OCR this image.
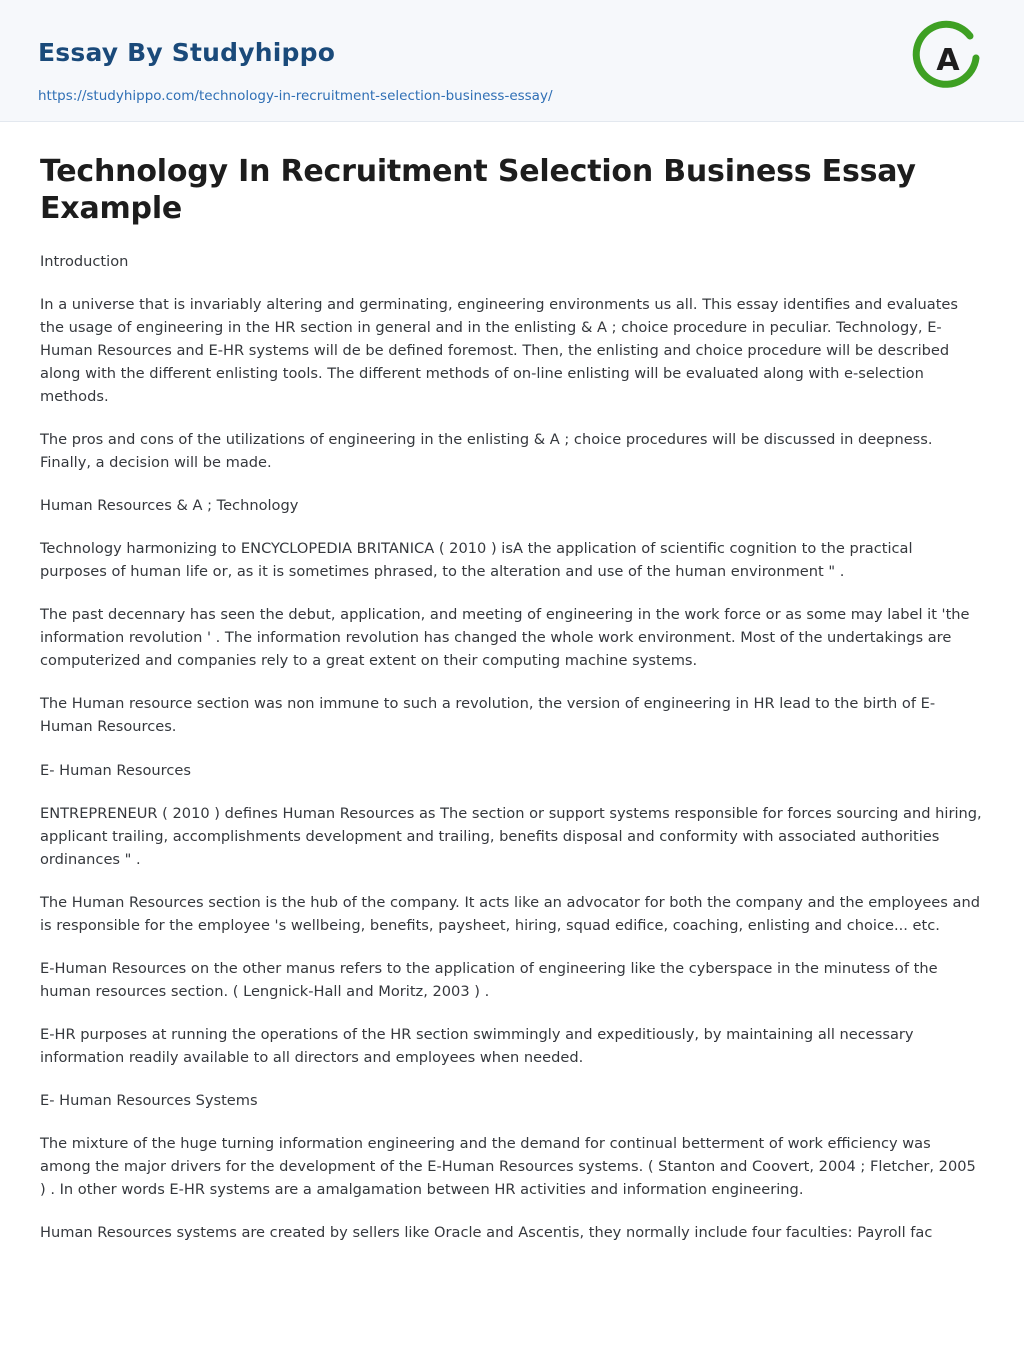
Essay By Studyhippo
https://studyhippo.com/technology-in-recruitment-selection-business-essay/
A
Technology In Recruitment Selection Business Essay Example

Introduction

In a universe that is invariably altering and germinating, engineering environments us all. This essay identifies and evaluates the usage of engineering in the HR section in general and in the enlisting & A ; choice procedure in peculiar. Technology, E-Human Resources and E-HR systems will de be defined foremost. Then, the enlisting and choice procedure will be described along with the different enlisting tools. The different methods of on-line enlisting will be evaluated along with e-selection methods.

The pros and cons of the utilizations of engineering in the enlisting & A ; choice procedures will be discussed in deepness. Finally, a decision will be made.

Human Resources & A ; Technology

Technology harmonizing to ENCYCLOPEDIA BRITANICA ( 2010 ) isA the application of scientific cognition to the practical purposes of human life or, as it is sometimes phrased, to the alteration and use of the human environment " .

The past decennary has seen the debut, application, and meeting of engineering in the work force or as some may label it 'the information revolution ' . The information revolution has changed the whole work environment. Most of the undertakings are computerized and companies rely to a great extent on their computing machine systems.

The Human resource section was non immune to such a revolution, the version of engineering in HR lead to the birth of E-Human Resources.

E- Human Resources

ENTREPRENEUR ( 2010 ) defines Human Resources as The section or support systems responsible for forces sourcing and hiring, applicant trailing, accomplishments development and trailing, benefits disposal and conformity with associated authorities ordinances " .

The Human Resources section is the hub of the company. It acts like an advocator for both the company and the employees and is responsible for the employee 's wellbeing, benefits, paysheet, hiring, squad edifice, coaching, enlisting and choice... etc.

E-Human Resources on the other manus refers to the application of engineering like the cyberspace in the minutess of the human resources section. ( Lengnick-Hall and Moritz, 2003 ) .

E-HR purposes at running the operations of the HR section swimmingly and expeditiously, by maintaining all necessary information readily available to all directors and employees when needed.

E- Human Resources Systems

The mixture of the huge turning information engineering and the demand for continual betterment of work efficiency was among the major drivers for the development of the E-Human Resources systems. ( Stanton and Coovert, 2004 ; Fletcher, 2005 ) . In other words E-HR systems are a amalgamation between HR activities and information engineering.

Human Resources systems are created by sellers like Oracle and Ascentis, they normally include four faculties: Payroll fac
